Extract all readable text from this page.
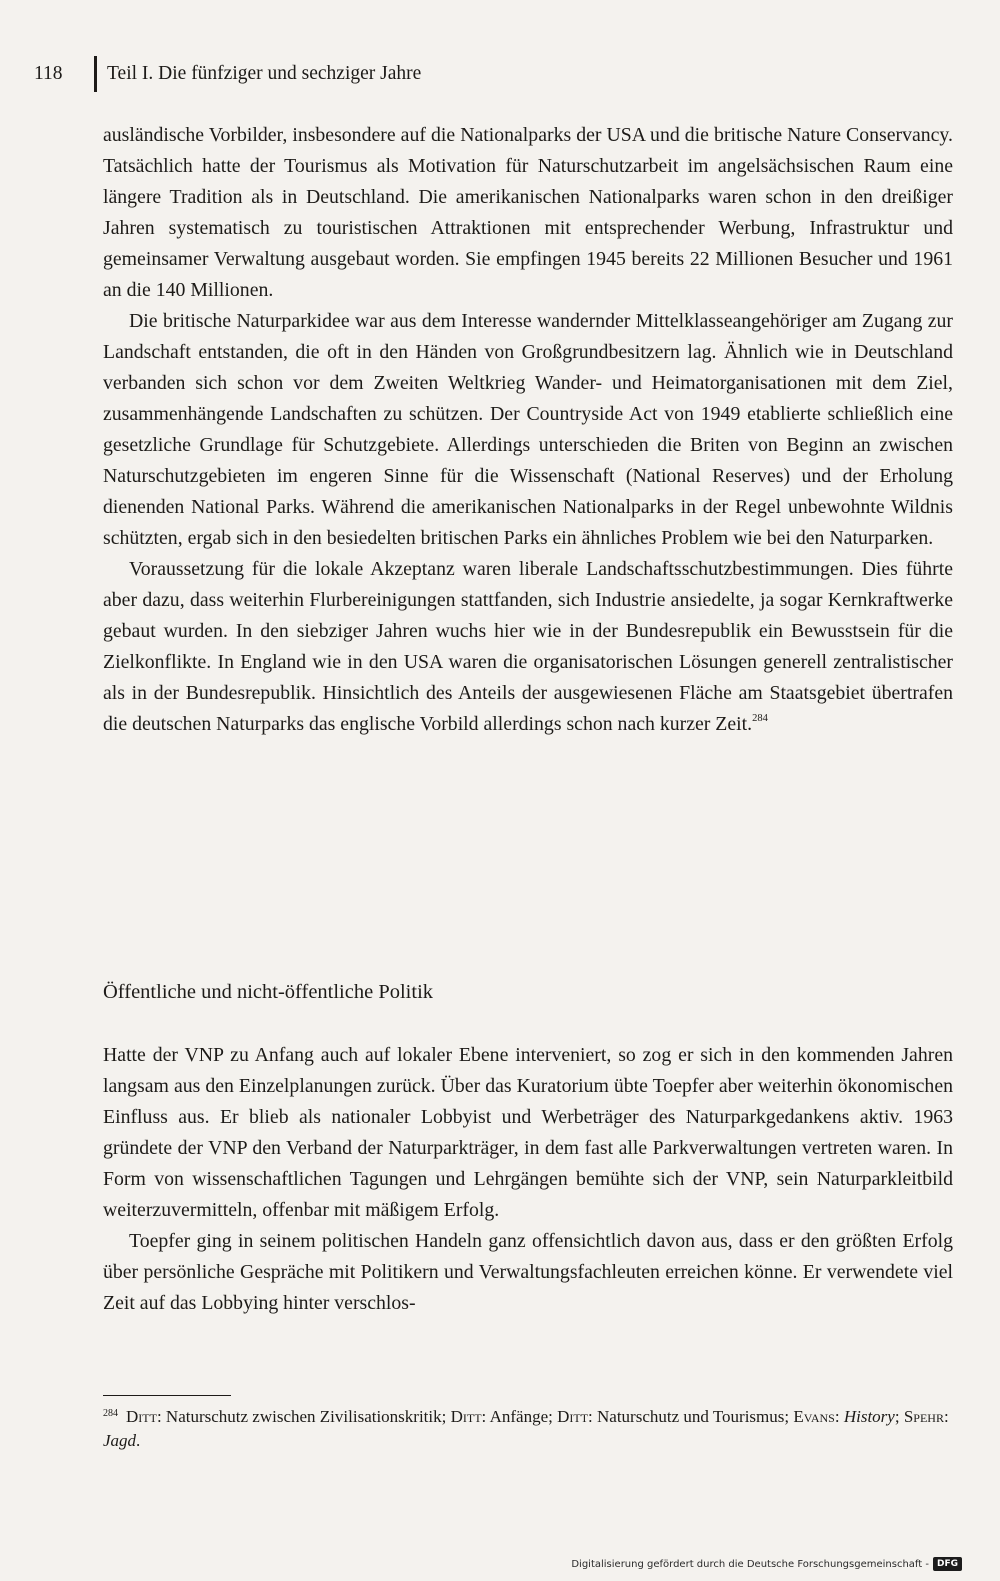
118	Teil I. Die fünfziger und sechziger Jahre

ausländische Vorbilder, insbesondere auf die Nationalparks der USA und die britische Nature Conservancy. Tatsächlich hatte der Tourismus als Motivation für Naturschutzarbeit im angelsächsischen Raum eine längere Tradition als in Deutschland. Die amerikanischen Nationalparks waren schon in den dreißiger Jahren systematisch zu touristischen Attraktionen mit entsprechender Werbung, Infrastruktur und gemeinsamer Verwaltung ausgebaut worden. Sie empfingen 1945 bereits 22 Millionen Besucher und 1961 an die 140 Millionen.

Die britische Naturparkidee war aus dem Interesse wandernder Mittelklasseangehöriger am Zugang zur Landschaft entstanden, die oft in den Händen von Großgrundbesitzern lag. Ähnlich wie in Deutschland verbanden sich schon vor dem Zweiten Weltkrieg Wander- und Heimatorganisationen mit dem Ziel, zusammenhängende Landschaften zu schützen. Der Countryside Act von 1949 etablierte schließlich eine gesetzliche Grundlage für Schutzgebiete. Allerdings unterschieden die Briten von Beginn an zwischen Naturschutzgebieten im engeren Sinne für die Wissenschaft (National Reserves) und der Erholung dienenden National Parks. Während die amerikanischen Nationalparks in der Regel unbewohnte Wildnis schützten, ergab sich in den besiedelten britischen Parks ein ähnliches Problem wie bei den Naturparken.

Voraussetzung für die lokale Akzeptanz waren liberale Landschaftsschutzbestimmungen. Dies führte aber dazu, dass weiterhin Flurbereinigungen stattfanden, sich Industrie ansiedelte, ja sogar Kernkraftwerke gebaut wurden. In den siebziger Jahren wuchs hier wie in der Bundesrepublik ein Bewusstsein für die Zielkonflikte. In England wie in den USA waren die organisatorischen Lösungen generell zentralistischer als in der Bundesrepublik. Hinsichtlich des Anteils der ausgewiesenen Fläche am Staatsgebiet übertrafen die deutschen Naturparks das englische Vorbild allerdings schon nach kurzer Zeit.$^{284}$

Öffentliche und nicht-öffentliche Politik

Hatte der VNP zu Anfang auch auf lokaler Ebene interveniert, so zog er sich in den kommenden Jahren langsam aus den Einzelplanungen zurück. Über das Kuratorium übte Toepfer aber weiterhin ökonomischen Einfluss aus. Er blieb als nationaler Lobbyist und Werbeträger des Naturparkgedankens aktiv. 1963 gründete der VNP den Verband der Naturparkträger, in dem fast alle Parkverwaltungen vertreten waren. In Form von wissenschaftlichen Tagungen und Lehrgängen bemühte sich der VNP, sein Naturparkleitbild weiterzuvermitteln, offenbar mit mäßigem Erfolg.

Toepfer ging in seinem politischen Handeln ganz offensichtlich davon aus, dass er den größten Erfolg über persönliche Gespräche mit Politikern und Verwaltungsfachleuten erreichen könne. Er verwendete viel Zeit auf das Lobbying hinter verschlos-

$^{284}$ Ditt: Naturschutz zwischen Zivilisationskritik; Ditt: Anfänge; Ditt: Naturschutz und Tourismus; Evans: History; Spehr: Jagd.
Digitalisierung gefördert durch die Deutsche Forschungsgemeinschaft - DFG
